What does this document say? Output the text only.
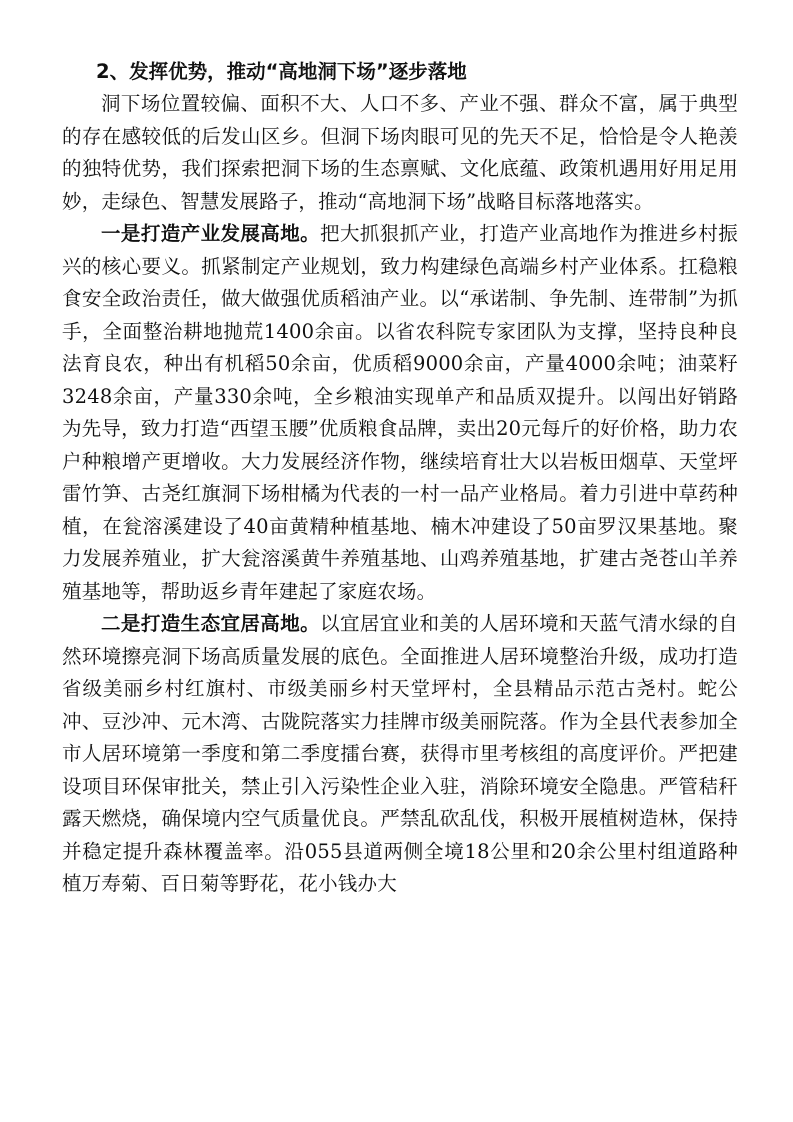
2、发挥优势，推动“高地洞下场”逐步落地

洞下场位置较偏、面积不大、人口不多、产业不强、群众不富，属于典型的存在感较低的后发山区乡。但洞下场肉眼可见的先天不足，恰恰是令人艳羡的独特优势，我们探索把洞下场的生态禀赋、文化底蕴、政策机遇用好用足用妙，走绿色、智慧发展路子，推动“高地洞下场”战略目标落地落实。

一是打造产业发展高地。把大抓狠抓产业，打造产业高地作为推进乡村振兴的核心要义。抓紧制定产业规划，致力构建绿色高端乡村产业体系。扛稳粮食安全政治责任，做大做强优质稻油产业。以“承诺制、争先制、连带制”为抓手，全面整治耕地抛荒1400余亩。以省农科院专家团队为支撑，坚持良种良法育良农，种出有机稻50余亩，优质稻9000余亩，产量4000余吨；油菜籽3248余亩，产量330余吨，全乡粮油实现单产和品质双提升。以闯出好销路为先导，致力打造“西望玉腰”优质粮食品牌，卖出20元每斤的好价格，助力农户种粮增产更增收。大力发展经济作物，继续培育壮大以岩板田烟草、天堂坪雷竹笋、古尧红旗洞下场柑橘为代表的一村一品产业格局。着力引进中草药种植，在瓮溶溪建设了40亩黄精种植基地、楠木冲建设了50亩罗汉果基地。聚力发展养殖业，扩大瓮溶溪黄牛养殖基地、山鸡养殖基地，扩建古尧苍山羊养殖基地等，帮助返乡青年建起了家庭农场。

二是打造生态宜居高地。以宜居宜业和美的人居环境和天蓝气清水绿的自然环境擦亮洞下场高质量发展的底色。全面推进人居环境整治升级，成功打造省级美丽乡村红旗村、市级美丽乡村天堂坪村，全县精品示范古尧村。蛇公冲、豆沙冲、元木湾、古陇院落实力挂牌市级美丽院落。作为全县代表参加全市人居环境第一季度和第二季度擂台赛，获得市里考核组的高度评价。严把建设项目环保审批关，禁止引入污染性企业入驻，消除环境安全隐患。严管秸秆露天燃烧，确保境内空气质量优良。严禁乱砍乱伐，积极开展植树造林，保持并稳定提升森林覆盖率。沿055县道两侧全境18公里和20余公里村组道路种植万寿菊、百日菊等野花，花小钱办大
